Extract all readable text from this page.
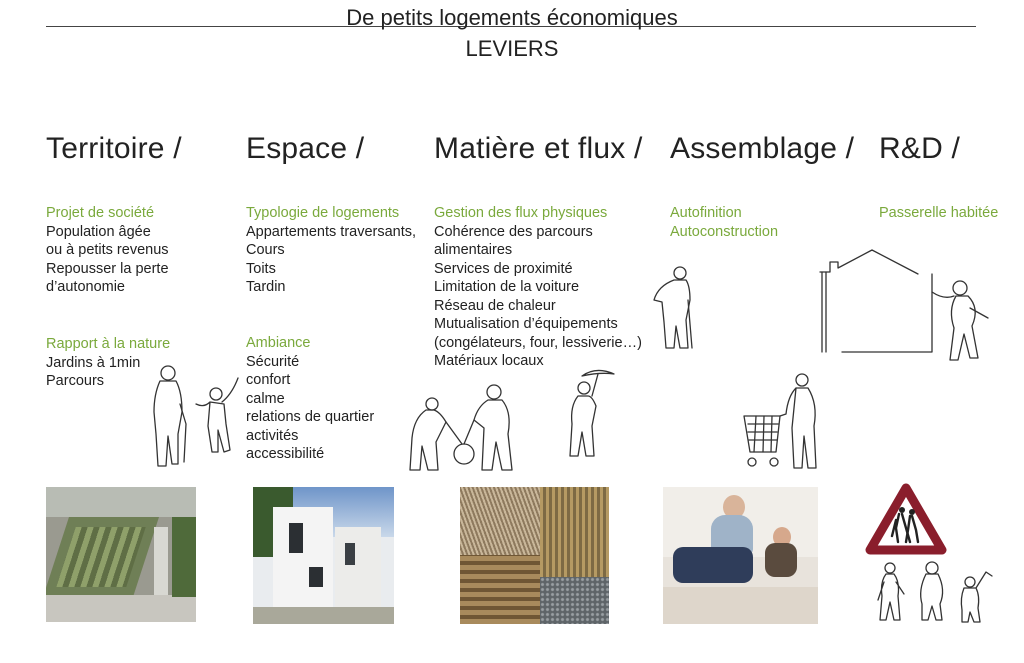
De petits logements économiques
LEVIERS
Territoire / Espace / Matière et flux / Assemblage / R&D /
Projet de société
Population âgée
ou à petits revenus
Repousser la perte
d’autonomie
Rapport à la nature
Jardins à 1min
Parcours
Typologie de logements
Appartements traversants,
Cours
Toits
Tardin
Ambiance
Sécurité
confort
calme
relations de quartier
activités
accessibilité
Gestion des flux physiques
Cohérence des parcours
alimentaires
Services de proximité
Limitation de la voiture
Réseau de chaleur
Mutualisation d’équipements
(congélateurs, four, lessiverie…)
Matériaux locaux
Autofinition
Autoconstruction
Passerelle habitée
